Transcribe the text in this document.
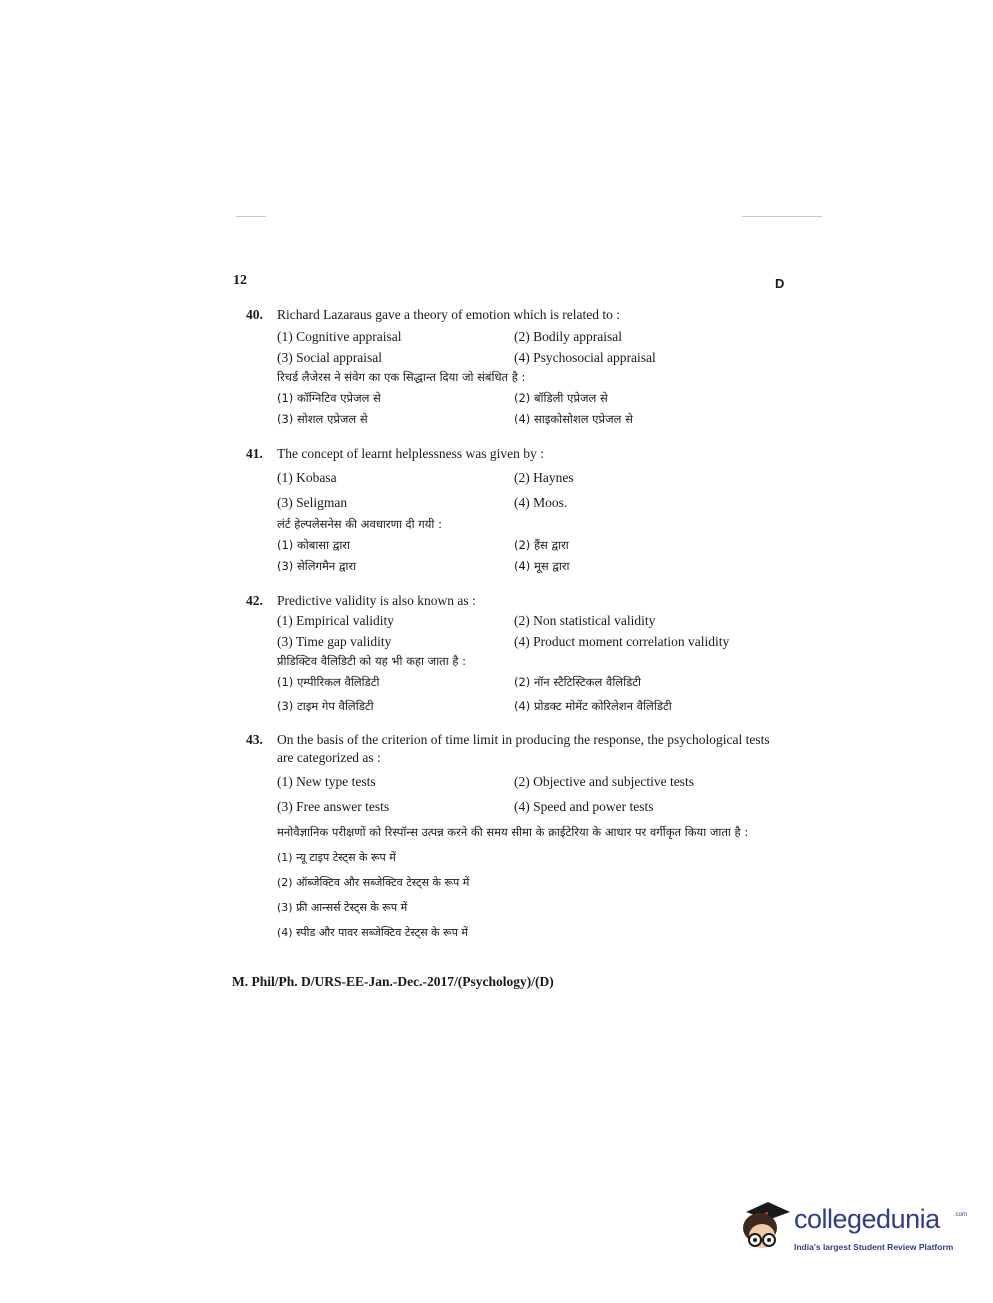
12	D
40.	Richard Lazaraus gave a theory of emotion which is related to :
(1) Cognitive appraisal	(2) Bodily appraisal
(3) Social appraisal	(4) Psychosocial appraisal
रिचर्ड लैजेरस ने संवेग का एक सिद्धान्त दिया जो संबंधित है :
(1) कॉग्निटिव एप्रेजल से	(2) बॉडिली एप्रेजल से
(3) सोशल एप्रेजल से	(4) साइकोसोशल एप्रेजल से
41.	The concept of learnt helplessness was given by :
(1) Kobasa	(2) Haynes
(3) Seligman	(4) Moos.
लंर्ट हेल्पलेसनेस की अवधारणा दी गयी :
(1) कोबासा द्वारा	(2) हैंस द्वारा
(3) सेलिगमैन द्वारा	(4) मूस द्वारा
42.	Predictive validity is also known as :
(1) Empirical validity	(2) Non statistical validity
(3) Time gap validity	(4) Product moment correlation validity
प्रीडिक्टिव वैलिडिटी को यह भी कहा जाता है :
(1) एम्पीरिकल वैलिडिटी	(2) नॉन स्टैटिस्टिकल वैलिडिटी
(3) टाइम गेप वैलिडिटी	(4) प्रोडक्ट मोमेंट कोरिलेशन वैलिडिटी
43.	On the basis of the criterion of time limit in producing the response, the psychological tests are categorized as :
(1) New type tests	(2) Objective and subjective tests
(3) Free answer tests	(4) Speed and power tests
मनोवैज्ञानिक परीक्षणों को रिस्पॉन्स उत्पन्न करने की समय सीमा के क्राईटेरिया के आधार पर वर्गीकृत किया जाता है :
(1) न्यू टाइप टेस्ट्स के रूप में
(2) ऑब्जेक्टिव और सब्जेक्टिव टेस्ट्स के रूप में
(3) फ्री आन्सर्स टेस्ट्स के रूप में
(4) स्पीड और पावर सब्जेक्टिव टेस्ट्स के रूप में
M. Phil/Ph. D/URS-EE-Jan.-Dec.-2017/(Psychology)/(D)
collegedunia .com
India's largest Student Review Platform
